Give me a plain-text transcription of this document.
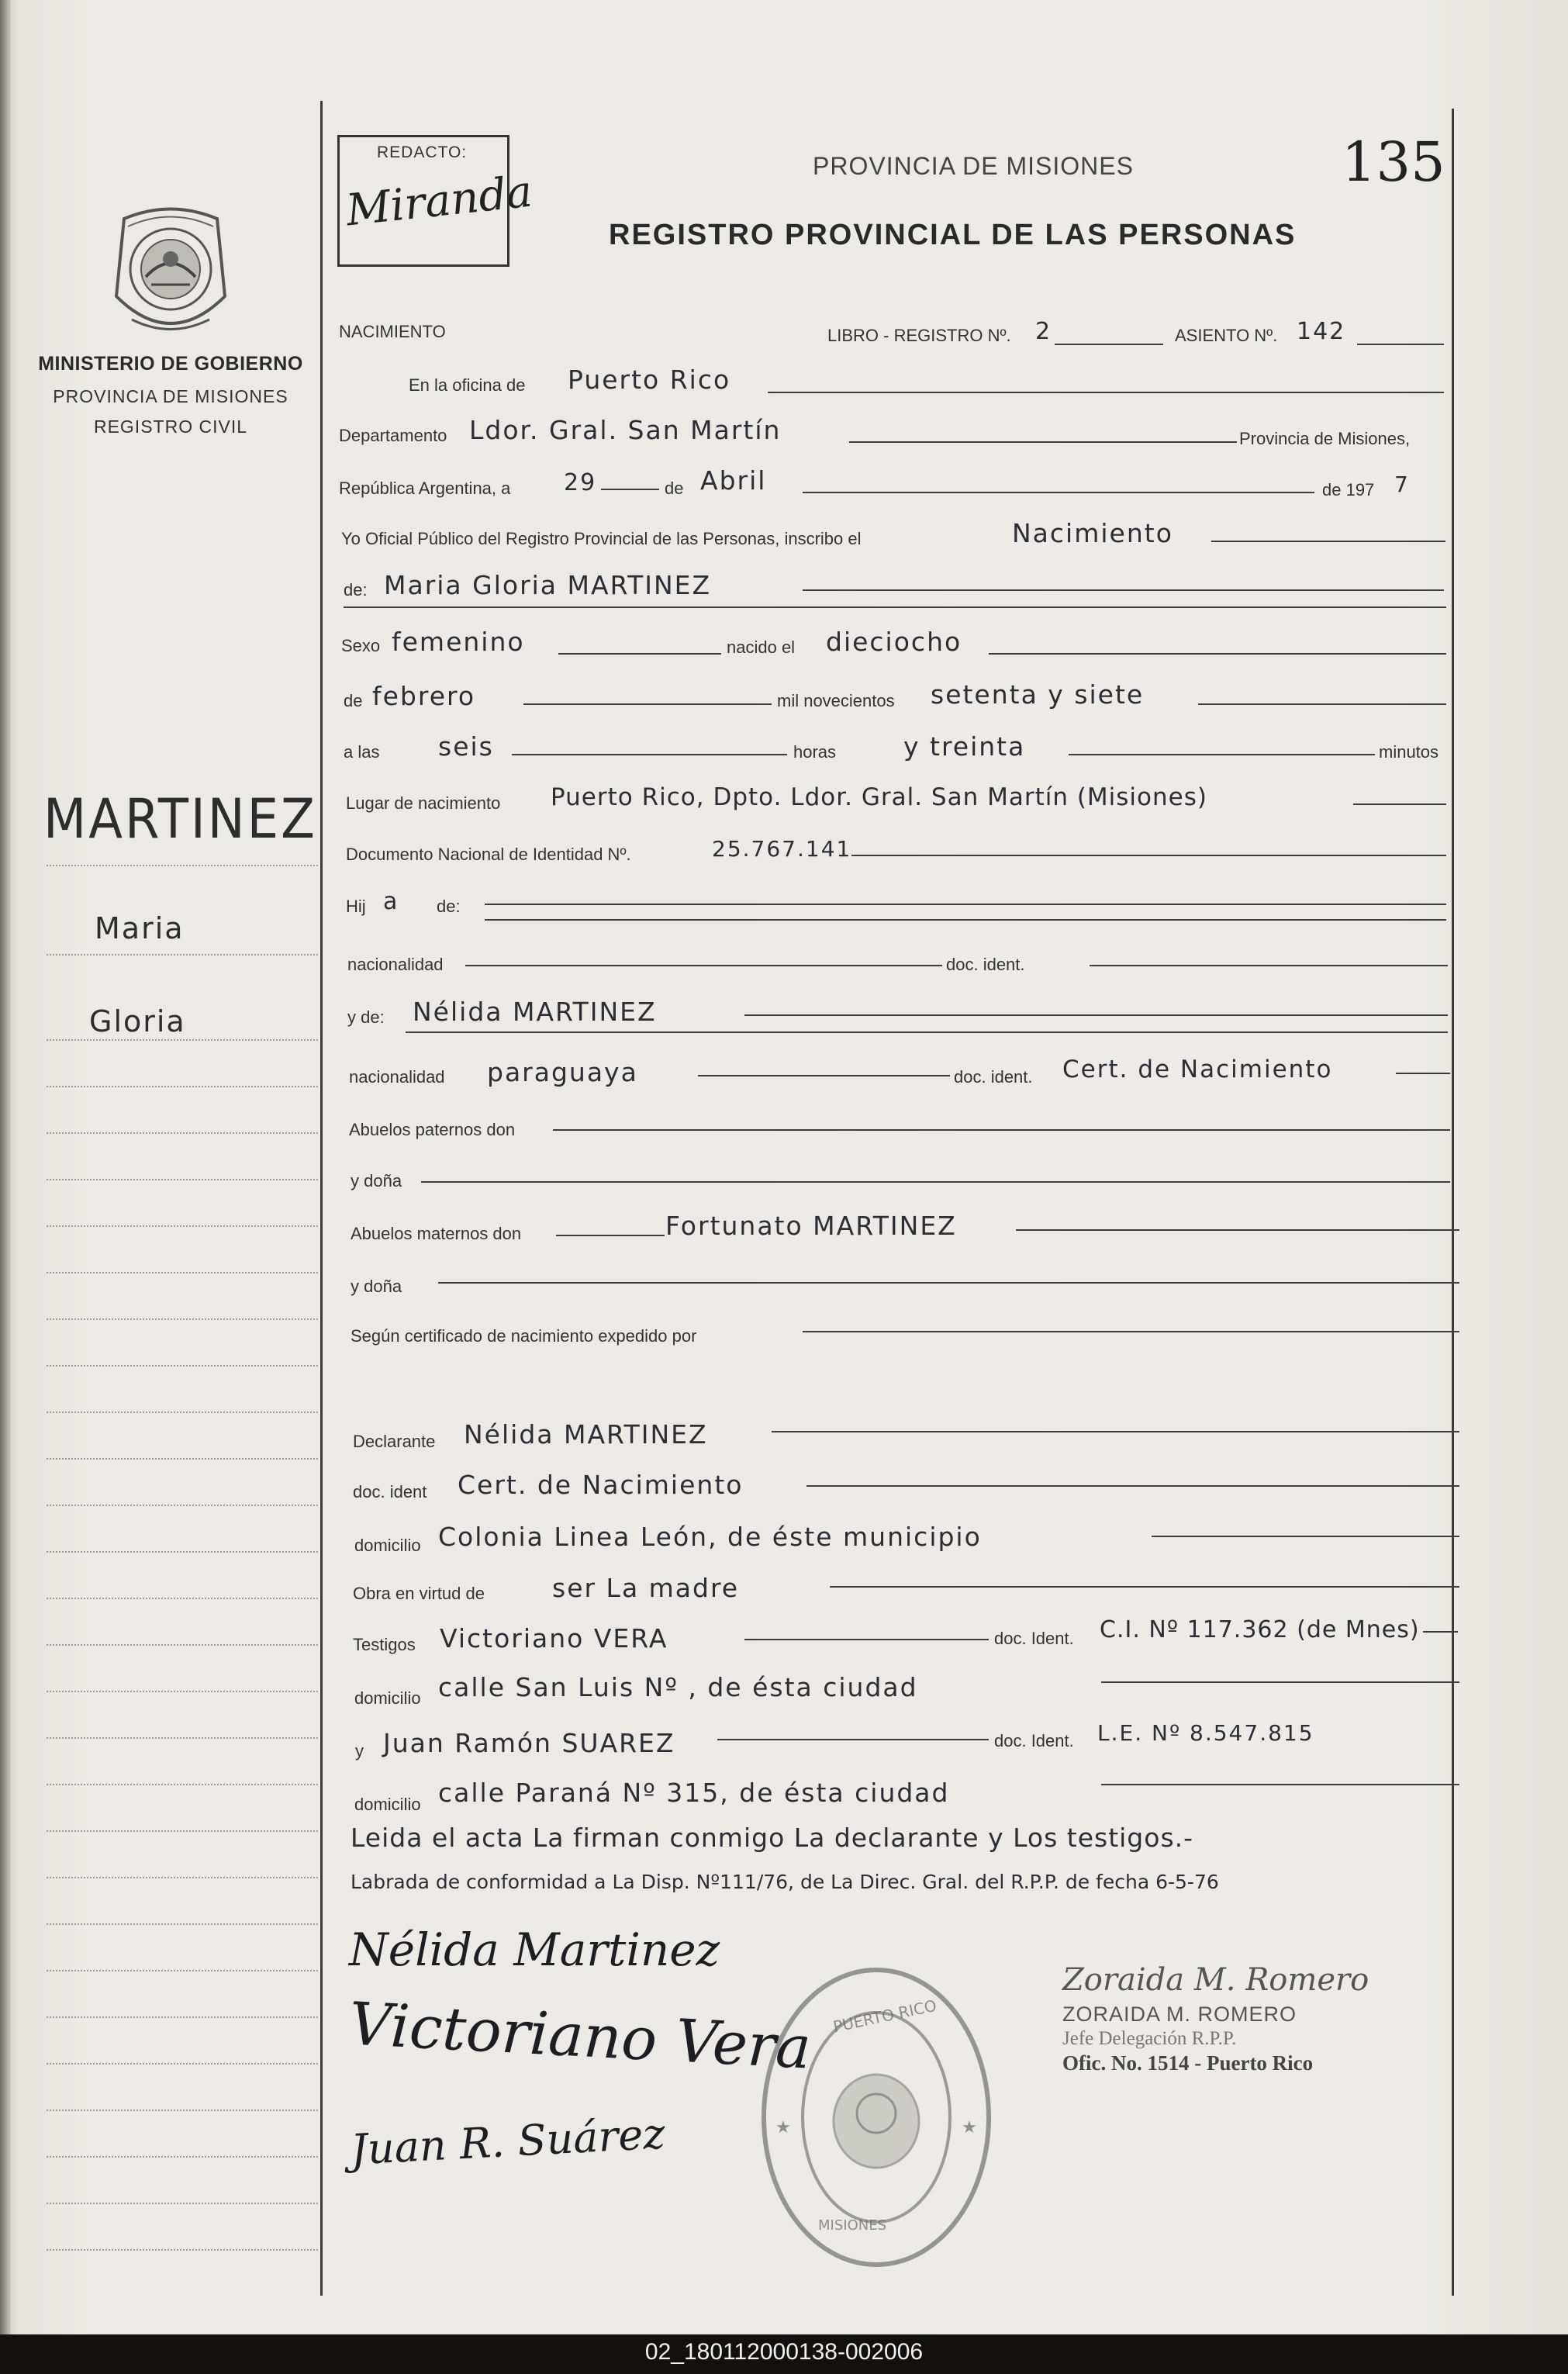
REDACTO:
Miranda
PROVINCIA DE MISIONES
REGISTRO PROVINCIAL DE LAS PERSONAS
135
MINISTERIO DE GOBIERNO
PROVINCIA DE MISIONES
REGISTRO CIVIL
MARTINEZ
Maria
Gloria
NACIMIENTO	LIBRO - REGISTRO Nº. 2	ASIENTO Nº. 142
En la oficina de Puerto Rico
Departamento Ldor. Gral. San Martín	Provincia de Misiones,
República Argentina, a 29	de Abril	de 197 7
Yo Oficial Público del Registro Provincial de las Personas, inscribo el	Nacimiento
de: Maria Gloria MARTINEZ
Sexo femenino	nacido el dieciocho
de febrero	mil novecientos setenta y siete
a las seis	horas	y treinta	minutos
Lugar de nacimiento Puerto Rico, Dpto. Ldor. Gral. San Martín (Misiones)
Documento Nacional de Identidad Nº.	25.767.141
Hij a de:
nacionalidad	doc. ident.
y de: Nélida MARTINEZ
nacionalidad paraguaya	doc. ident. Cert. de Nacimiento
Abuelos paternos don
y doña
Abuelos maternos don	Fortunato MARTINEZ
y doña
Según certificado de nacimiento expedido por
Declarante Nélida MARTINEZ
doc. ident Cert. de Nacimiento
domicilio Colonia Linea León, de éste municipio
Obra en virtud de	ser La madre
Testigos Victoriano VERA	doc. Ident. C.I. Nº 117.362 (de Mnes)
domicilio calle San Luis Nº , de ésta ciudad
y Juan Ramón SUAREZ	doc. Ident. L.E. Nº 8.547.815
domicilio calle Paraná Nº 315, de ésta ciudad
Leida el acta La firman conmigo La declarante y Los testigos.-
Labrada de conformidad a La Disp. Nº111/76, de La Direc. Gral. del R.P.P. de fecha 6-5-76
Nélida Martinez
Victoriano Vera
Juan R. Suárez
PUERTO RICO
MISIONES
★	★
Zoraida M. Romero
ZORAIDA M. ROMERO
Jefe Delegación R.P.P.
Ofic. No. 1514 - Puerto Rico
02_180112000138-002006
